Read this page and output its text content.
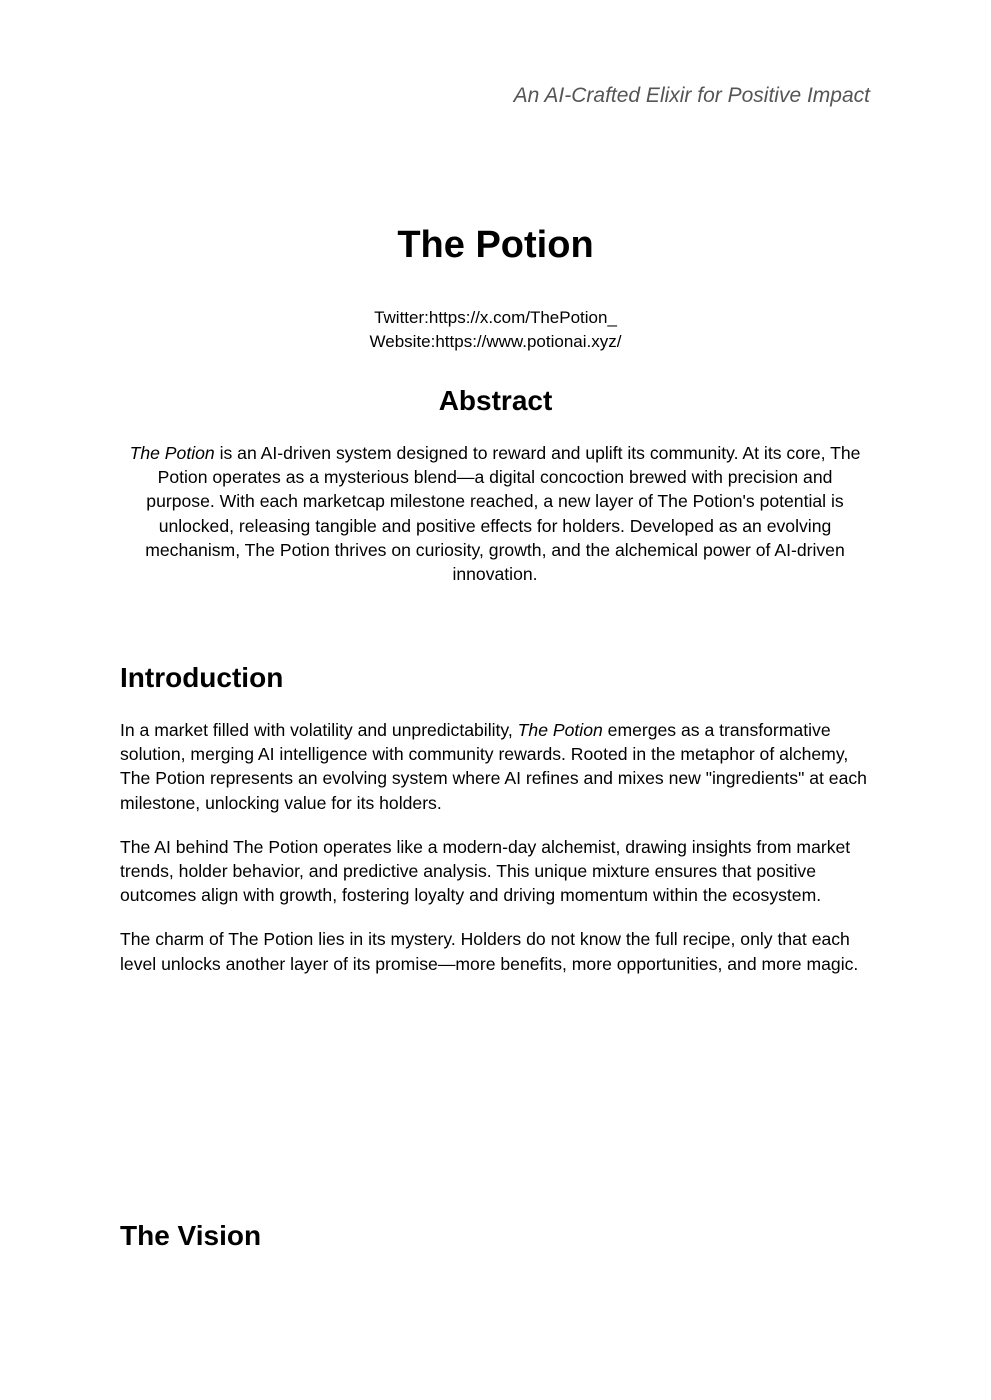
An AI-Crafted Elixir for Positive Impact

The Potion
Twitter:https://x.com/ThePotion_
Website:https://www.potionai.xyz/
Abstract

The Potion is an AI-driven system designed to reward and uplift its community. At its core, The Potion operates as a mysterious blend—a digital concoction brewed with precision and purpose. With each marketcap milestone reached, a new layer of The Potion's potential is unlocked, releasing tangible and positive effects for holders. Developed as an evolving mechanism, The Potion thrives on curiosity, growth, and the alchemical power of AI-driven innovation.

Introduction

In a market filled with volatility and unpredictability, The Potion emerges as a transformative solution, merging AI intelligence with community rewards. Rooted in the metaphor of alchemy, The Potion represents an evolving system where AI refines and mixes new "ingredients" at each milestone, unlocking value for its holders.

The AI behind The Potion operates like a modern-day alchemist, drawing insights from market trends, holder behavior, and predictive analysis. This unique mixture ensures that positive outcomes align with growth, fostering loyalty and driving momentum within the ecosystem.

The charm of The Potion lies in its mystery. Holders do not know the full recipe, only that each level unlocks another layer of its promise—more benefits, more opportunities, and more magic.

The Vision
